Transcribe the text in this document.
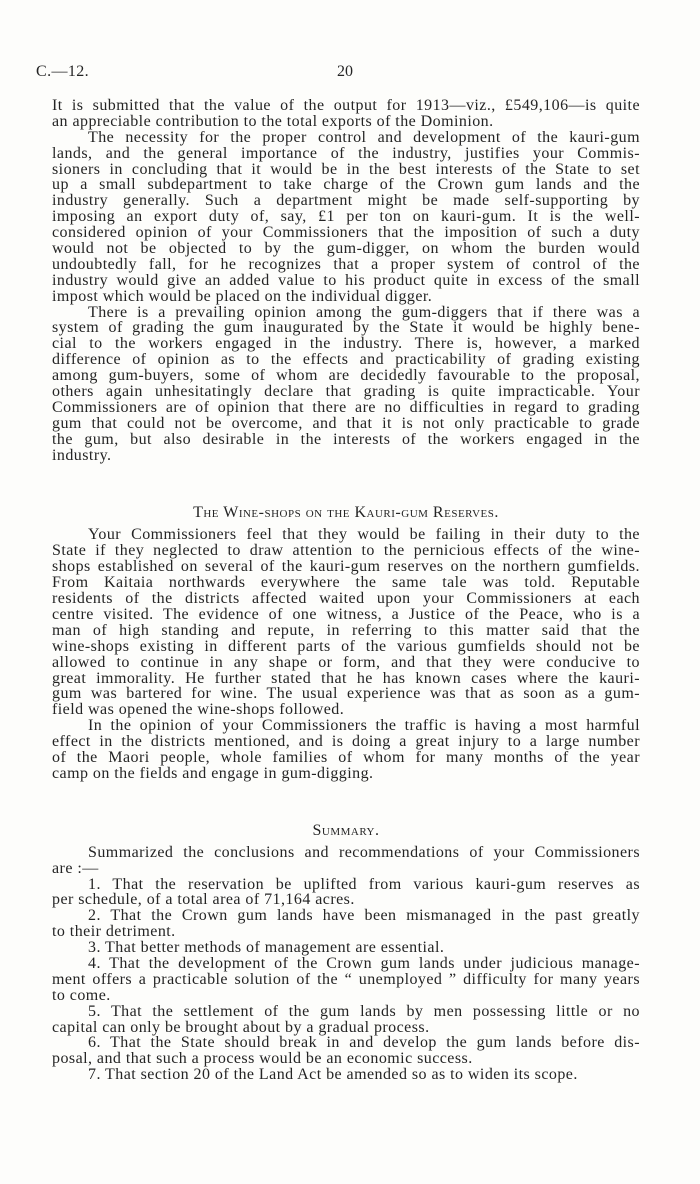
C.—12.	20
It is submitted that the value of the output for 1913—viz., £549,106—is quite
an appreciable contribution to the total exports of the Dominion.
The necessity for the proper control and development of the kauri-gum
lands, and the general importance of the industry, justifies your Commis-
sioners in concluding that it would be in the best interests of the State to set
up a small subdepartment to take charge of the Crown gum lands and the
industry generally. Such a department might be made self-supporting by
imposing an export duty of, say, £1 per ton on kauri-gum. It is the well-
considered opinion of your Commissioners that the imposition of such a duty
would not be objected to by the gum-digger, on whom the burden would
undoubtedly fall, for he recognizes that a proper system of control of the
industry would give an added value to his product quite in excess of the small
impost which would be placed on the individual digger.
There is a prevailing opinion among the gum-diggers that if there was a
system of grading the gum inaugurated by the State it would be highly bene-
cial to the workers engaged in the industry. There is, however, a marked
difference of opinion as to the effects and practicability of grading existing
among gum-buyers, some of whom are decidedly favourable to the proposal,
others again unhesitatingly declare that grading is quite impracticable. Your
Commissioners are of opinion that there are no difficulties in regard to grading
gum that could not be overcome, and that it is not only practicable to grade
the gum, but also desirable in the interests of the workers engaged in the
industry.
The Wine-shops on the Kauri-gum Reserves.
Your Commissioners feel that they would be failing in their duty to the
State if they neglected to draw attention to the pernicious effects of the wine-
shops established on several of the kauri-gum reserves on the northern gumfields.
From Kaitaia northwards everywhere the same tale was told. Reputable
residents of the districts affected waited upon your Commissioners at each
centre visited. The evidence of one witness, a Justice of the Peace, who is a
man of high standing and repute, in referring to this matter said that the
wine-shops existing in different parts of the various gumfields should not be
allowed to continue in any shape or form, and that they were conducive to
great immorality. He further stated that he has known cases where the kauri-
gum was bartered for wine. The usual experience was that as soon as a gum-
field was opened the wine-shops followed.
In the opinion of your Commissioners the traffic is having a most harmful
effect in the districts mentioned, and is doing a great injury to a large number
of the Maori people, whole families of whom for many months of the year
camp on the fields and engage in gum-digging.
Summary.
Summarized the conclusions and recommendations of your Commissioners
are :—
1. That the reservation be uplifted from various kauri-gum reserves as
per schedule, of a total area of 71,164 acres.
2. That the Crown gum lands have been mismanaged in the past greatly
to their detriment.
3. That better methods of management are essential.
4. That the development of the Crown gum lands under judicious manage-
ment offers a practicable solution of the “ unemployed ” difficulty for many years
to come.
5. That the settlement of the gum lands by men possessing little or no
capital can only be brought about by a gradual process.
6. That the State should break in and develop the gum lands before dis-
posal, and that such a process would be an economic success.
7. That section 20 of the Land Act be amended so as to widen its scope.
